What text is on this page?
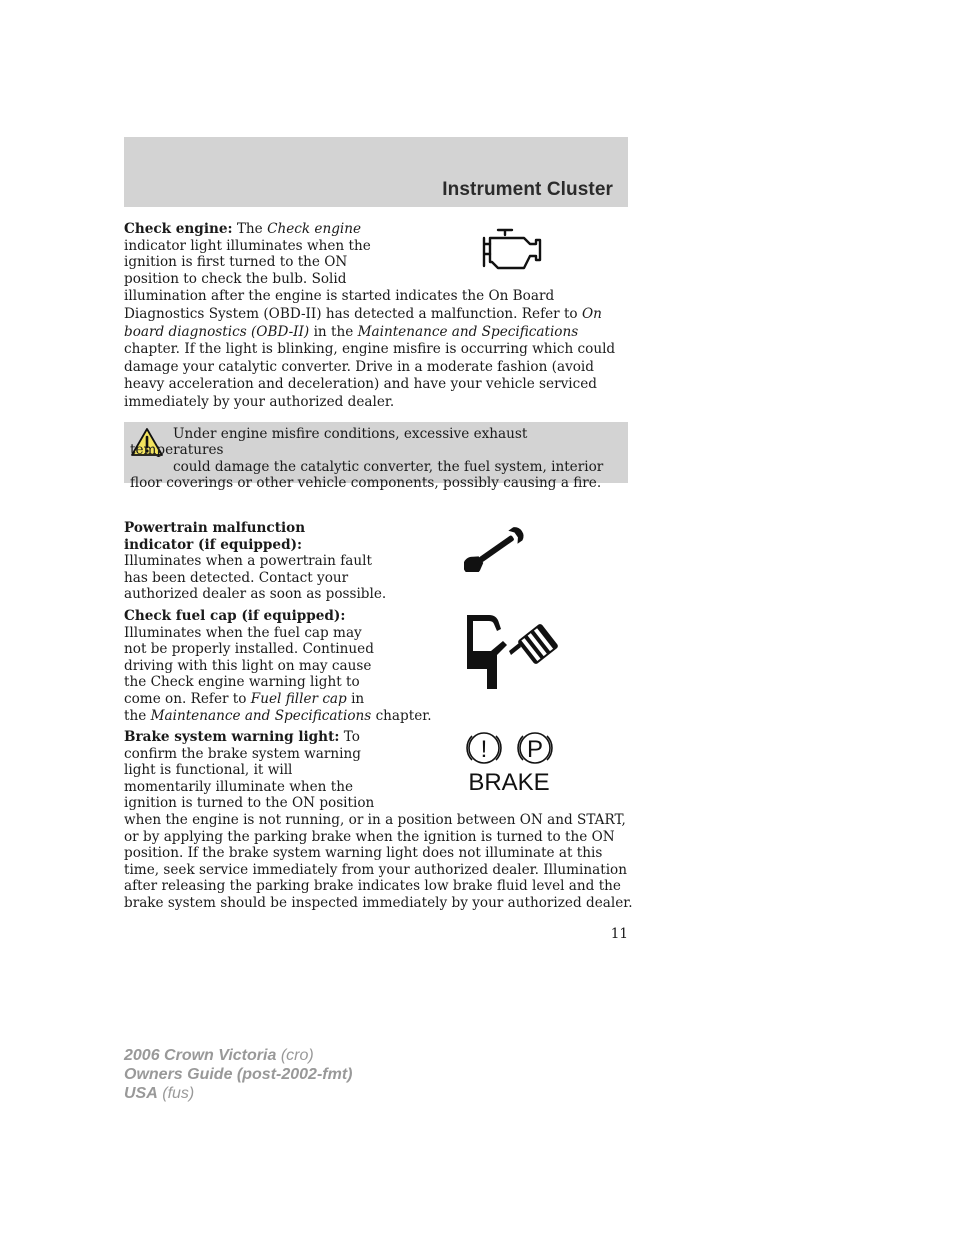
Instrument Cluster
Check engine: The Check engine
indicator light illuminates when the
ignition is first turned to the ON
position to check the bulb. Solid
illumination after the engine is started indicates the On Board
Diagnostics System (OBD-II) has detected a malfunction. Refer to On
board diagnostics (OBD-II) in the Maintenance and Specifications
chapter. If the light is blinking, engine misfire is occurring which could
damage your catalytic converter. Drive in a moderate fashion (avoid
heavy acceleration and deceleration) and have your vehicle serviced
immediately by your authorized dealer.

Under engine misfire conditions, excessive exhaust temperatures
could damage the catalytic converter, the fuel system, interior
floor coverings or other vehicle components, possibly causing a fire.

Powertrain malfunction
indicator (if equipped):
Illuminates when a powertrain fault
has been detected. Contact your
authorized dealer as soon as possible.
Check fuel cap (if equipped):
Illuminates when the fuel cap may
not be properly installed. Continued
driving with this light on may cause
the Check engine warning light to
come on. Refer to Fuel filler cap in
the Maintenance and Specifications chapter.
Brake system warning light: To
confirm the brake system warning
light is functional, it will
momentarily illuminate when the
ignition is turned to the ON position
when the engine is not running, or in a position between ON and START,
or by applying the parking brake when the ignition is turned to the ON
position. If the brake system warning light does not illuminate at this
time, seek service immediately from your authorized dealer. Illumination
after releasing the parking brake indicates low brake fluid level and the
brake system should be inspected immediately by your authorized dealer.
! P
BRAKE
11
2006 Crown Victoria (cro)
Owners Guide (post-2002-fmt)
USA (fus)
